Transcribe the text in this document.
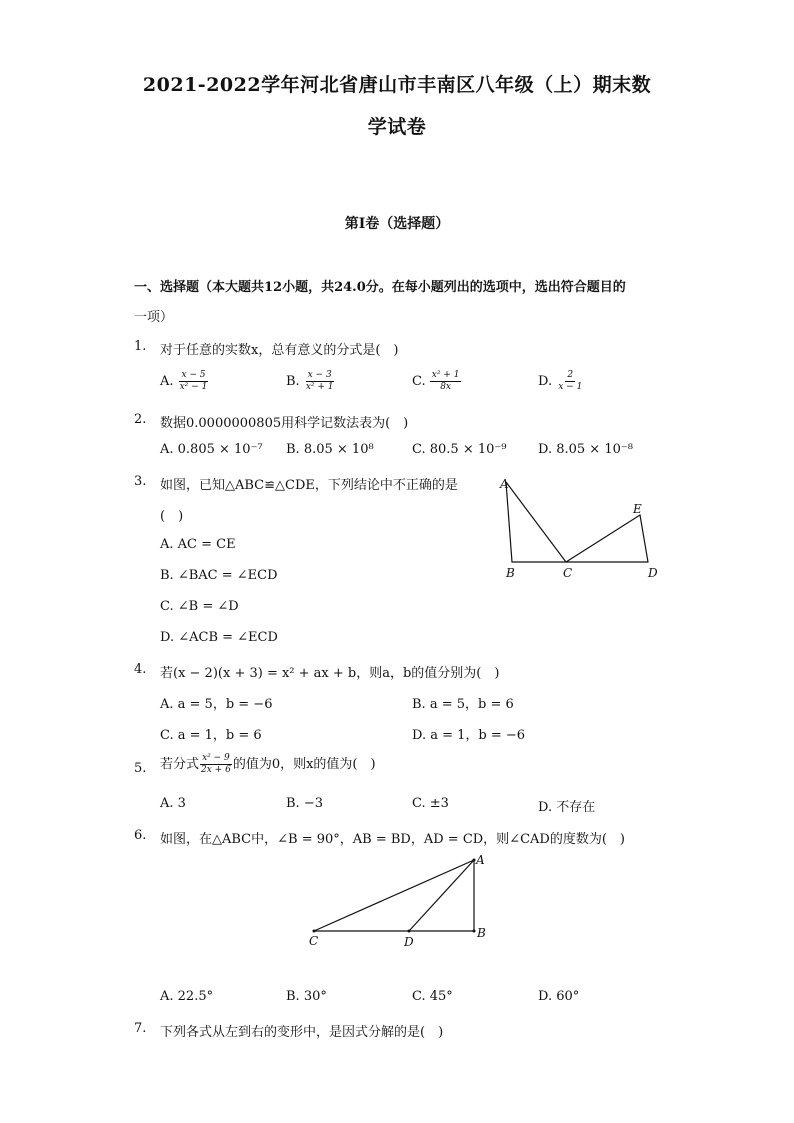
2021-2022学年河北省唐山市丰南区八年级（上）期末数
学试卷
第I卷（选择题）
一、选择题（本大题共12小题，共24.0分。在每小题列出的选项中，选出符合题目的
一项）
1. 对于任意的实数x，总有意义的分式是(　)
A. $\frac{x - 5}{\text{x² − 1}}$	B. $\frac{x - 3}{\text{x² + 1}}$	C. $\frac{\text{x² + 1}}{8x}$	D. $\frac{2}{x - 1}$
2. 数据0.0000000805用科学记数法表为(　)
A. 0.805 × 10⁻⁷ B. 8.05 × 10⁸	C. 80.5 × 10⁻⁹ D. 8.05 × 10⁻⁸
3. 如图，已知△ABC≌△CDE，下列结论中不正确的是
(　)
A. AC = CE
B. ∠BAC = ∠ECD
C. ∠B = ∠D
D. ∠ACB = ∠ECD
A
B	C	D
E
4. 若(x − 2)(x + 3) = x² + ax + b，则a，b的值分别为(　)
A. a = 5，b = −6	B. a = 5，b = 6
C. a = 1，b = 6	D. a = 1，b = −6
5. 若分式 $\frac{\text{x² − 9}}{2x + 6}$ 的值为0，则x的值为(　)
A. 3	B. −3	C. ±3	D. 不存在
6. 如图，在△ABC中，∠B = 90°，AB = BD，AD = CD，则∠CAD的度数为(　)
A
B
C	D
A. 22.5°	B. 30°	C. 45°	D. 60°
7. 下列各式从左到右的变形中，是因式分解的是(　)
